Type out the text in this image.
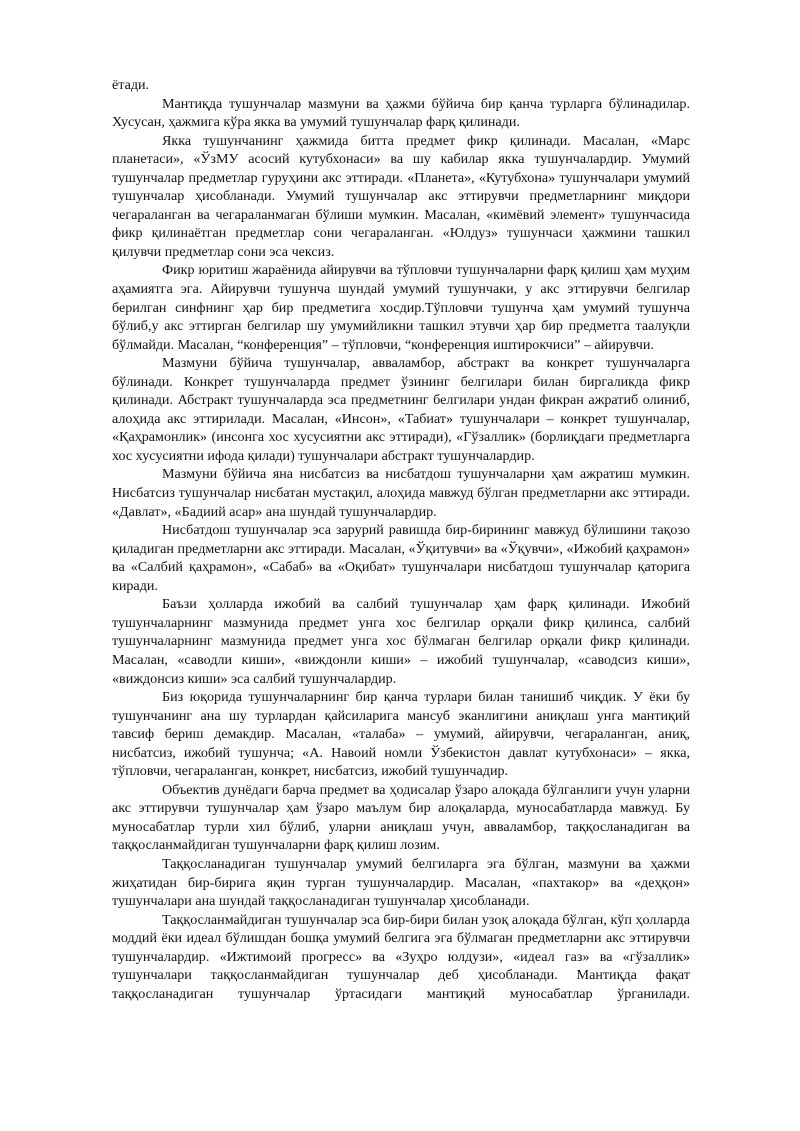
ётади.

Мантиқда тушунчалар мазмуни ва ҳажми бўйича бир қанча турларга бўлинадилар. Хусусан, ҳажмига кўра якка ва умумий тушунчалар фарқ қилинади.

Якка тушунчанинг ҳажмида битта предмет фикр қилинади. Масалан, «Марс планетаси», «ЎзМУ асосий кутубхонаси» ва шу кабилар якка тушунчалардир. Умумий тушунчалар предметлар гуруҳини акс эттиради. «Планета», «Кутубхона» тушунчалари умумий тушунчалар ҳисобланади. Умумий тушунчалар акс эттирувчи предметларнинг миқдори чегараланган ва чегараланмаган бўлиши мумкин. Масалан, «кимёвий элемент» тушунчасида фикр қилинаётган предметлар сони чегараланган. «Юлдуз» тушунчаси ҳажмини ташкил қилувчи предметлар сони эса чексиз.

Фикр юритиш жараёнида айирувчи ва тўпловчи тушунчаларни фарқ қилиш ҳам муҳим аҳамиятга эга. Айирувчи тушунча шундай умумий тушунчаки, у акс эттирувчи белгилар берилган синфнинг ҳар бир предметига хосдир.Тўпловчи тушунча ҳам умумий тушунча бўлиб,у акс эттирган белгилар шу умумийликни ташкил этувчи ҳар бир предметга таалуқли бўлмайди. Масалан, “конференция” – тўпловчи, “конференция иштирокчиси” – айирувчи.

Мазмуни бўйича тушунчалар, авваламбор, абстракт ва конкрет тушунчаларга бўлинади. Конкрет тушунчаларда предмет ўзининг белгилари билан биргаликда фикр қилинади. Абстракт тушунчаларда эса предметнинг белгилари ундан фикран ажратиб олиниб, алоҳида акс эттирилади. Масалан, «Инсон», «Табиат» тушунчалари – конкрет тушунчалар, «Қаҳрамонлик» (инсонга хос хусусиятни акс эттиради), «Гўзаллик» (борлиқдаги предметларга хос хусусиятни ифода қилади) тушунчалари абстракт тушунчалардир.

Мазмуни бўйича яна нисбатсиз ва нисбатдош тушунчаларни ҳам ажратиш мумкин. Нисбатсиз тушунчалар нисбатан мустақил, алоҳида мавжуд бўлган предметларни акс эттиради. «Давлат», «Бадиий асар» ана шундай тушунчалардир.

Нисбатдош тушунчалар эса зарурий равишда бир-бирининг мавжуд бўлишини тақозо қиладиган предметларни акс эттиради. Масалан, «Ўқитувчи» ва «Ўқувчи», «Ижобий қаҳрамон» ва «Салбий қаҳрамон», «Сабаб» ва «Оқибат» тушунчалари нисбатдош тушунчалар қаторига киради.

Баъзи ҳолларда ижобий ва салбий тушунчалар ҳам фарқ қилинади. Ижобий тушунчаларнинг мазмунида предмет унга хос белгилар орқали фикр қилинса, салбий тушунчаларнинг мазмунида предмет унга хос бўлмаган белгилар орқали фикр қилинади. Масалан, «саводли киши», «виждонли киши» – ижобий тушунчалар, «саводсиз киши», «виждонсиз киши» эса салбий тушунчалардир.

Биз юқорида тушунчаларнинг бир қанча турлари билан танишиб чиқдик. У ёки бу тушунчанинг ана шу турлардан қайсиларига мансуб эканлигини аниқлаш унга мантиқий тавсиф бериш демакдир. Масалан, «талаба» – умумий, айирувчи, чегараланган, аниқ, нисбатсиз, ижобий тушунча; «А. Навоий номли Ўзбекистон давлат кутубхонаси» – якка, тўпловчи, чегараланган, конкрет, нисбатсиз, ижобий тушунчадир.

Объектив дунёдаги барча предмет ва ҳодисалар ўзаро алоқада бўлганлиги учун уларни акс эттирувчи тушунчалар ҳам ўзаро маълум бир алоқаларда, муносабатларда мавжуд. Бу муносабатлар турли хил бўлиб, уларни аниқлаш учун, авваламбор, таққосланадиган ва таққосланмайдиган тушунчаларни фарқ қилиш лозим.

Таққосланадиган тушунчалар умумий белгиларга эга бўлган, мазмуни ва ҳажми жиҳатидан бир-бирига яқин турган тушунчалардир. Масалан, «пахтакор» ва «деҳқон» тушунчалари ана шундай таққосланадиган тушунчалар ҳисобланади.

Таққосланмайдиган тушунчалар эса бир-бири билан узоқ алоқада бўлган, кўп ҳолларда моддий ёки идеал бўлишдан бошқа умумий белгига эга бўлмаган предметларни акс эттирувчи тушунчалардир. «Ижтимоий прогресс» ва «Зуҳро юлдузи», «идеал газ» ва «гўзаллик» тушунчалари таққосланмайдиган тушунчалар деб ҳисобланади. Мантиқда фақат таққосланадиган тушунчалар ўртасидаги мантиқий муносабатлар ўрганилади.
